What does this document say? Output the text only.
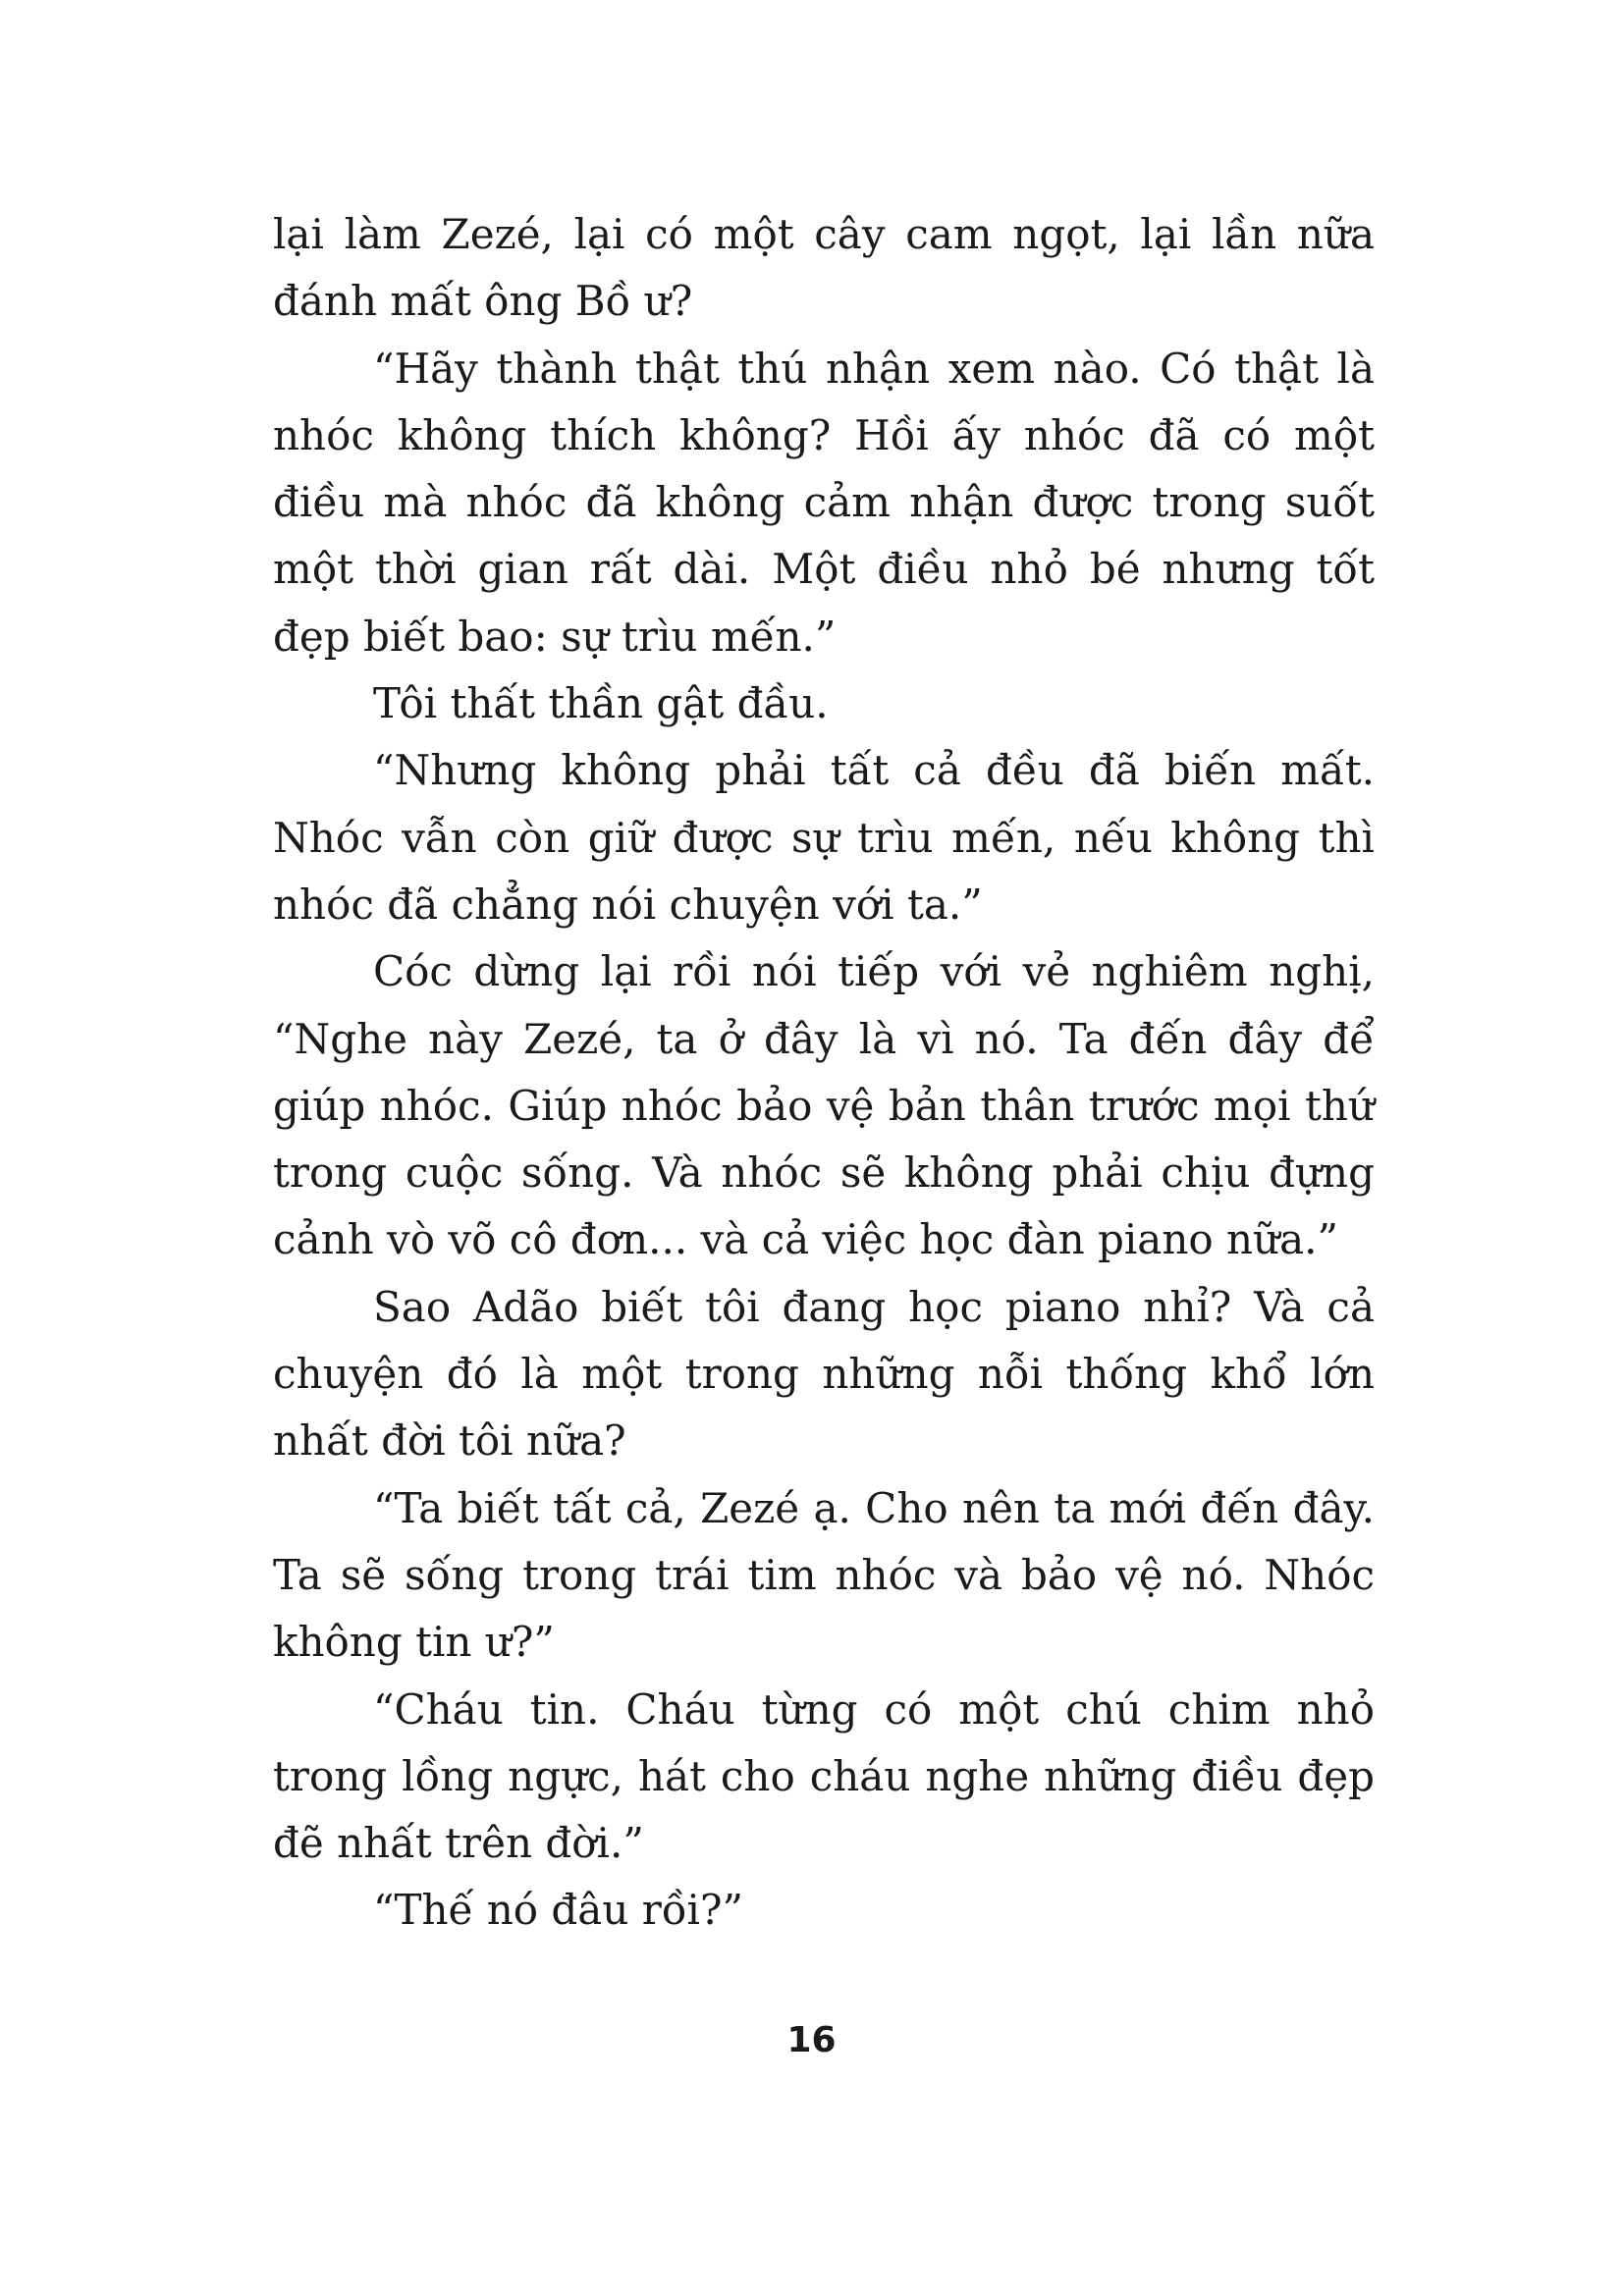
lại làm Zezé, lại có một cây cam ngọt, lại lần nữa đánh mất ông Bồ ư?

“Hãy thành thật thú nhận xem nào. Có thật là nhóc không thích không? Hồi ấy nhóc đã có một điều mà nhóc đã không cảm nhận được trong suốt một thời gian rất dài. Một điều nhỏ bé nhưng tốt đẹp biết bao: sự trìu mến.”

Tôi thất thần gật đầu.

“Nhưng không phải tất cả đều đã biến mất. Nhóc vẫn còn giữ được sự trìu mến, nếu không thì nhóc đã chẳng nói chuyện với ta.”

Cóc dừng lại rồi nói tiếp với vẻ nghiêm nghị, “Nghe này Zezé, ta ở đây là vì nó. Ta đến đây để giúp nhóc. Giúp nhóc bảo vệ bản thân trước mọi thứ trong cuộc sống. Và nhóc sẽ không phải chịu đựng cảnh vò võ cô đơn... và cả việc học đàn piano nữa.”

Sao Adão biết tôi đang học piano nhỉ? Và cả chuyện đó là một trong những nỗi thống khổ lớn nhất đời tôi nữa?

“Ta biết tất cả, Zezé ạ. Cho nên ta mới đến đây. Ta sẽ sống trong trái tim nhóc và bảo vệ nó. Nhóc không tin ư?”

“Cháu tin. Cháu từng có một chú chim nhỏ trong lồng ngực, hát cho cháu nghe những điều đẹp đẽ nhất trên đời.”

“Thế nó đâu rồi?”

16
